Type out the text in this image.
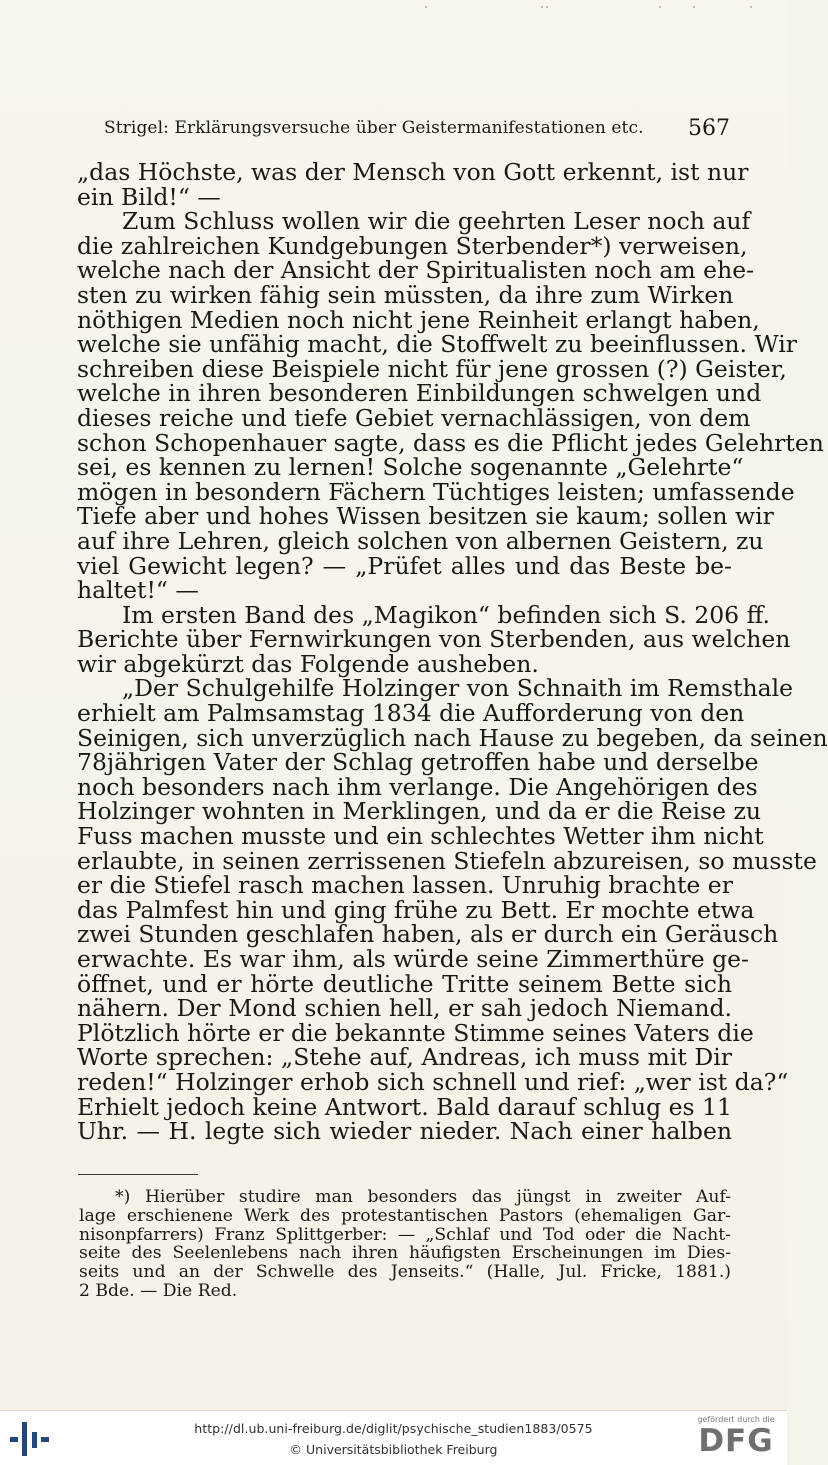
Strigel: Erklärungsversuche über Geistermanifestationen etc. 567
„das Höchste, was der Mensch von Gott erkennt, ist nur
ein Bild!“ —
Zum Schluss wollen wir die geehrten Leser noch auf
die zahlreichen Kundgebungen Sterbender*) verweisen,
welche nach der Ansicht der Spiritualisten noch am ehe-
sten zu wirken fähig sein müssten, da ihre zum Wirken
nöthigen Medien noch nicht jene Reinheit erlangt haben,
welche sie unfähig macht, die Stoffwelt zu beeinflussen. Wir
schreiben diese Beispiele nicht für jene grossen (?) Geister,
welche in ihren besonderen Einbildungen schwelgen und
dieses reiche und tiefe Gebiet vernachlässigen, von dem
schon Schopenhauer sagte, dass es die Pflicht jedes Gelehrten
sei, es kennen zu lernen! Solche sogenannte „Gelehrte“
mögen in besondern Fächern Tüchtiges leisten; umfassende
Tiefe aber und hohes Wissen besitzen sie kaum; sollen wir
auf ihre Lehren, gleich solchen von albernen Geistern, zu
viel Gewicht legen? — „Prüfet alles und das Beste be-
haltet!“ —
Im ersten Band des „Magikon“ befinden sich S. 206 ff.
Berichte über Fernwirkungen von Sterbenden, aus welchen
wir abgekürzt das Folgende ausheben.
„Der Schulgehilfe Holzinger von Schnaith im Remsthale
erhielt am Palmsamstag 1834 die Aufforderung von den
Seinigen, sich unverzüglich nach Hause zu begeben, da seinen
78jährigen Vater der Schlag getroffen habe und derselbe
noch besonders nach ihm verlange. Die Angehörigen des
Holzinger wohnten in Merklingen, und da er die Reise zu
Fuss machen musste und ein schlechtes Wetter ihm nicht
erlaubte, in seinen zerrissenen Stiefeln abzureisen, so musste
er die Stiefel rasch machen lassen. Unruhig brachte er
das Palmfest hin und ging frühe zu Bett. Er mochte etwa
zwei Stunden geschlafen haben, als er durch ein Geräusch
erwachte. Es war ihm, als würde seine Zimmerthüre ge-
öffnet, und er hörte deutliche Tritte seinem Bette sich
nähern. Der Mond schien hell, er sah jedoch Niemand.
Plötzlich hörte er die bekannte Stimme seines Vaters die
Worte sprechen: „Stehe auf, Andreas, ich muss mit Dir
reden!“ Holzinger erhob sich schnell und rief: „wer ist da?“
Erhielt jedoch keine Antwort. Bald darauf schlug es 11
Uhr. — H. legte sich wieder nieder. Nach einer halben
*) Hierüber studire man besonders das jüngst in zweiter Auf-
lage erschienene Werk des protestantischen Pastors (ehemaligen Gar-
nisonpfarrers) Franz Splittgerber: — „Schlaf und Tod oder die Nacht-
seite des Seelenlebens nach ihren häufigsten Erscheinungen im Dies-
seits und an der Schwelle des Jenseits.“ (Halle, Jul. Fricke, 1881.)
2 Bde. — Die Red.
http://dl.ub.uni-freiburg.de/diglit/psychische_studien1883/0575
© Universitätsbibliothek Freiburg
gefördert durch die
DFG
